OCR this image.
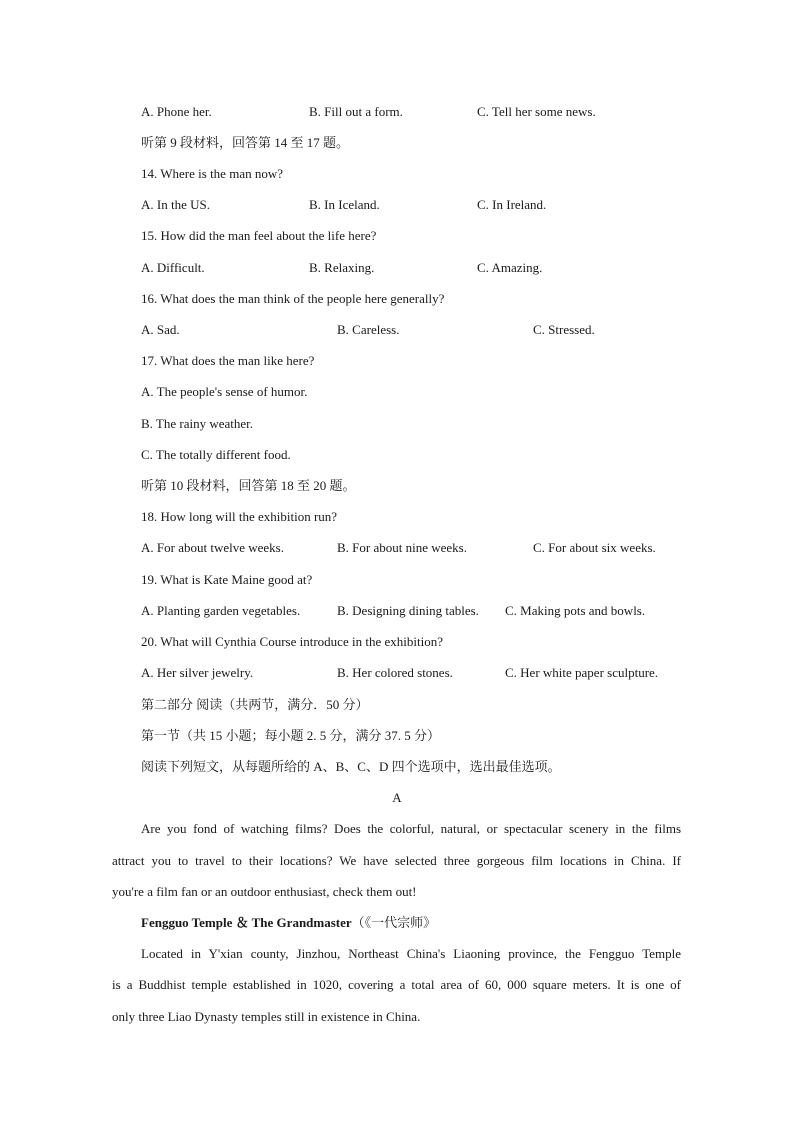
A. Phone her.	B. Fill out a form.	C. Tell her some news.
听第 9 段材料，回答第 14 至 17 题。
14. Where is the man now?
A. In the US.	B. In Iceland.	C. In Ireland.
15. How did the man feel about the life here?
A. Difficult.	B. Relaxing.	C. Amazing.
16. What does the man think of the people here generally?
A. Sad.	B. Careless.	C. Stressed.
17. What does the man like here?
A. The people's sense of humor.
B. The rainy weather.
C. The totally different food.
听第 10 段材料，回答第 18 至 20 题。
18. How long will the exhibition run?
A. For about twelve weeks.	B. For about nine weeks.	C. For about six weeks.
19. What is Kate Maine good at?
A. Planting garden vegetables.	B. Designing dining tables. C. Making pots and bowls.
20. What will Cynthia Course introduce in the exhibition?
A. Her silver jewelry.	B. Her colored stones.	C. Her white paper sculpture.
第二部分 阅读（共两节，满分．50 分）
第一节（共 15 小题；每小题 2. 5 分，满分 37. 5 分）
阅读下列短文，从每题所给的 A、B、C、D 四个选项中，选出最佳选项。
A
Are you fond of watching films? Does the colorful, natural, or spectacular scenery in the films
attract you to travel to their locations? We have selected three gorgeous film locations in China. If
you're a film fan or an outdoor enthusiast, check them out!
Fengguo Temple ＆ The Grandmaster（《一代宗师》
Located in Y'xian county, Jinzhou, Northeast China's Liaoning province, the Fengguo Temple
is a Buddhist temple established in 1020, covering a total area of 60, 000 square meters. It is one of
only three Liao Dynasty temples still in existence in China.
